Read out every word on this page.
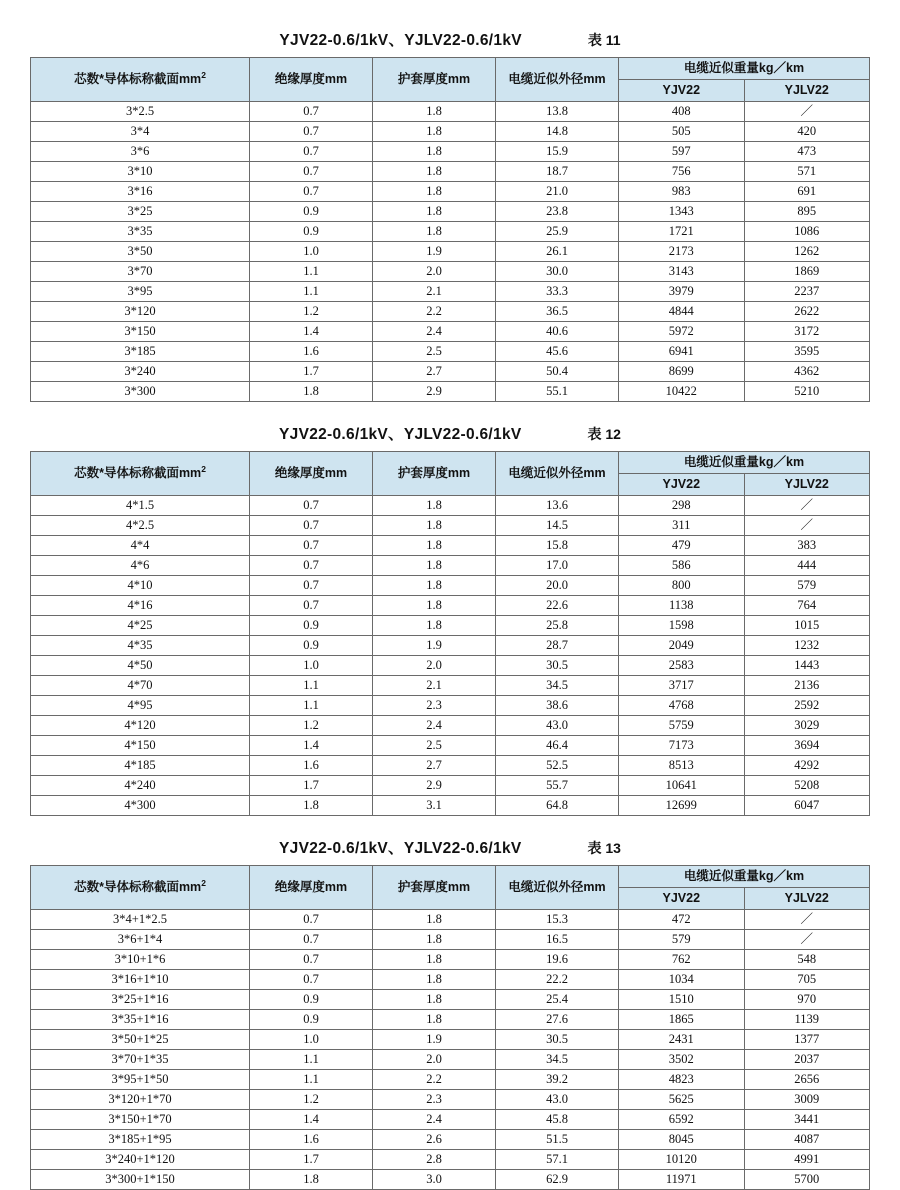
YJV22-0.6/1kV、YJLV22-0.6/1kV	表 11
芯数*导体标称截面$mm^2$	绝缘厚度mm	护套厚度mm	电缆近似外径mm	电缆近似重量kg／km	
				YJV22	YJLV22
3*2.5	0.7	1.8	13.8	408	／
3*4	0.7	1.8	14.8	505	420
3*6	0.7	1.8	15.9	597	473
3*10	0.7	1.8	18.7	756	571
3*16	0.7	1.8	21.0	983	691
3*25	0.9	1.8	23.8	1343	895
3*35	0.9	1.8	25.9	1721	1086
3*50	1.0	1.9	26.1	2173	1262
3*70	1.1	2.0	30.0	3143	1869
3*95	1.1	2.1	33.3	3979	2237
3*120	1.2	2.2	36.5	4844	2622
3*150	1.4	2.4	40.6	5972	3172
3*185	1.6	2.5	45.6	6941	3595
3*240	1.7	2.7	50.4	8699	4362
3*300	1.8	2.9	55.1	10422	5210
YJV22-0.6/1kV、YJLV22-0.6/1kV	表 12
芯数*导体标称截面$mm^2$	绝缘厚度mm	护套厚度mm	电缆近似外径mm	电缆近似重量kg／km	
				YJV22	YJLV22
4*1.5	0.7	1.8	13.6	298	／
4*2.5	0.7	1.8	14.5	311	／
4*4	0.7	1.8	15.8	479	383
4*6	0.7	1.8	17.0	586	444
4*10	0.7	1.8	20.0	800	579
4*16	0.7	1.8	22.6	1138	764
4*25	0.9	1.8	25.8	1598	1015
4*35	0.9	1.9	28.7	2049	1232
4*50	1.0	2.0	30.5	2583	1443
4*70	1.1	2.1	34.5	3717	2136
4*95	1.1	2.3	38.6	4768	2592
4*120	1.2	2.4	43.0	5759	3029
4*150	1.4	2.5	46.4	7173	3694
4*185	1.6	2.7	52.5	8513	4292
4*240	1.7	2.9	55.7	10641	5208
4*300	1.8	3.1	64.8	12699	6047
YJV22-0.6/1kV、YJLV22-0.6/1kV	表 13
芯数*导体标称截面$mm^2$	绝缘厚度mm	护套厚度mm	电缆近似外径mm	电缆近似重量kg／km	
				YJV22	YJLV22
3*4+1*2.5	0.7	1.8	15.3	472	／
3*6+1*4	0.7	1.8	16.5	579	／
3*10+1*6	0.7	1.8	19.6	762	548
3*16+1*10	0.7	1.8	22.2	1034	705
3*25+1*16	0.9	1.8	25.4	1510	970
3*35+1*16	0.9	1.8	27.6	1865	1139
3*50+1*25	1.0	1.9	30.5	2431	1377
3*70+1*35	1.1	2.0	34.5	3502	2037
3*95+1*50	1.1	2.2	39.2	4823	2656
3*120+1*70	1.2	2.3	43.0	5625	3009
3*150+1*70	1.4	2.4	45.8	6592	3441
3*185+1*95	1.6	2.6	51.5	8045	4087
3*240+1*120	1.7	2.8	57.1	10120	4991
3*300+1*150	1.8	3.0	62.9	11971	5700
